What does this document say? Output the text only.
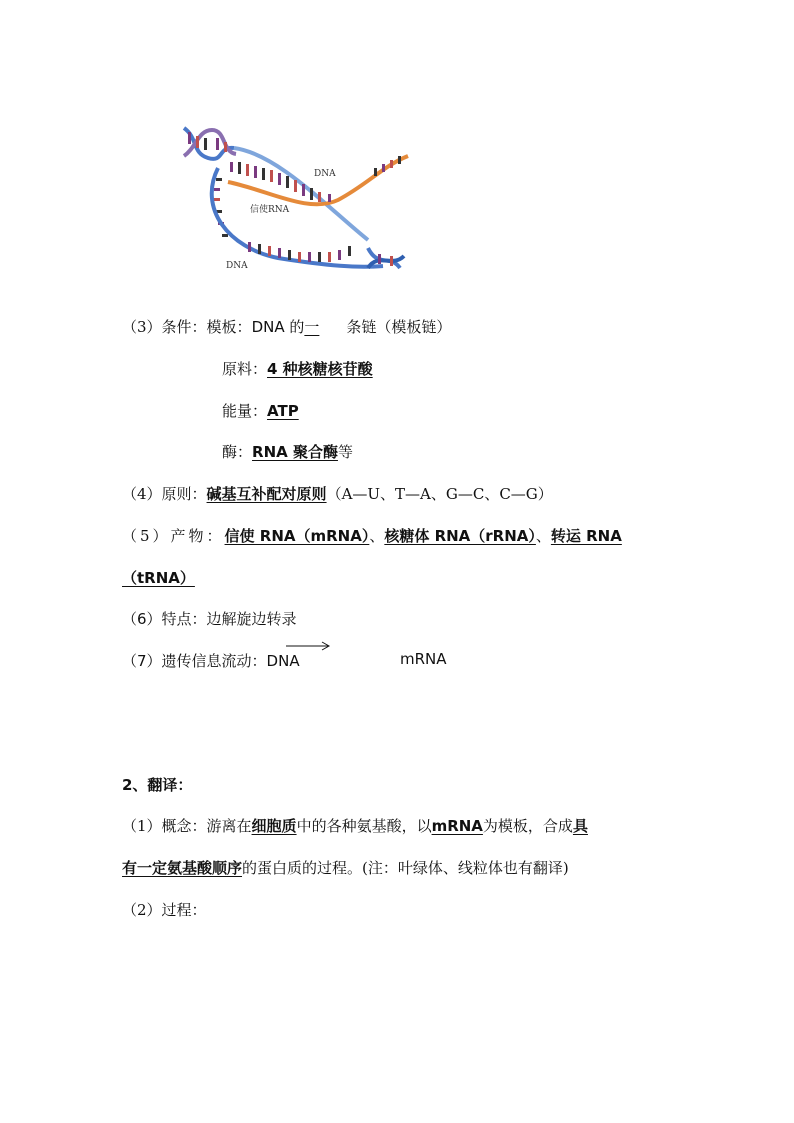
DNA
信使RNA
DNA
（3）条件：模板：DNA 的一 条链（模板链）
原料：4 种核糖核苷酸
能量：ATP
酶：RNA 聚合酶等
（4）原则：碱基互补配对原则（A—U、T—A、G—C、C—G）
（5）产物：信使 RNA（mRNA）、核糖体 RNA（rRNA）、转运 RNA
（tRNA）
（6）特点：边解旋边转录
（7）遗传信息流动：DNA	mRNA
2、翻译：
（1）概念：游离在细胞质中的各种氨基酸，以mRNA为模板，合成具
有一定氨基酸顺序的蛋白质的过程。(注：叶绿体、线粒体也有翻译)
（2）过程：
